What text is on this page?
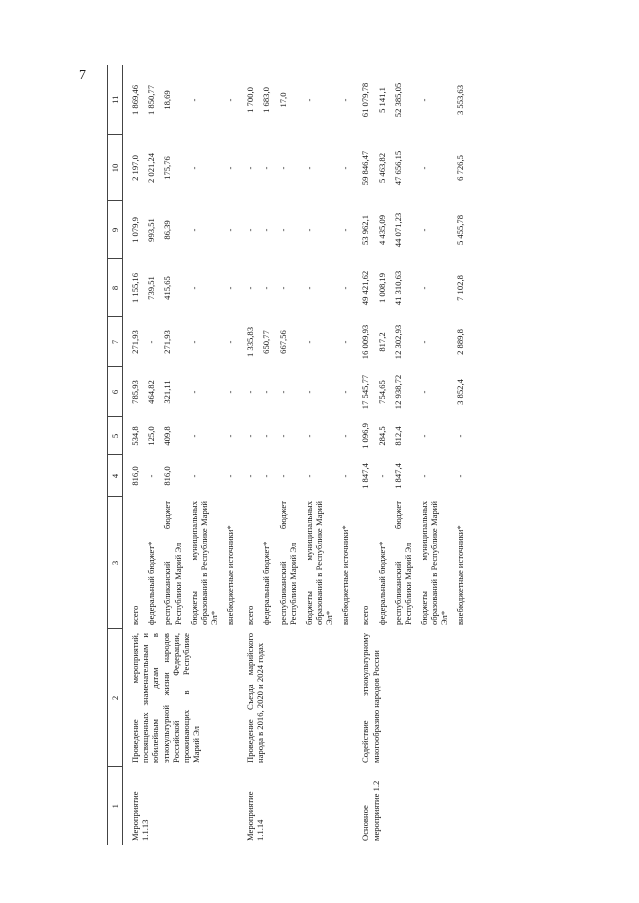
7
1	2	3	4	5	6	7	8	9	10	11

Мероприятие 1.1.13	Проведение мероприятий, посвященных знаменательным и юбилейным датам в этнокультурной жизни народов Российской Федерации, проживающих в Республике Марий Эл	всего	816,0	534,8	785,93	271,93	1 155,16	1 079,9	2 197,0	1 869,46
		федеральный бюджет*	-	125,0	464,82	-	739,51	993,51	2 021,24	1 850,77
		республиканский бюджет Республики Марий Эл	816,0	409,8	321,11	271,93	415,65	86,39	175,76	18,69
		бюджеты муниципальных образований в Республике Марий Эл*	-	-	-	-	-	-	-	-
		внебюджетные источники*	-	-	-	-	-	-	-	-

Мероприятие 1.1.14	Проведение Съезда марийского народа в 2016, 2020 и 2024 годах	всего	-	-	-	1 335,83	-	-	-	1 700,0
		федеральный бюджет*	-	-	-	650,77	-	-	-	1 683,0
		республиканский бюджет Республики Марий Эл	-	-	-	667,56	-	-	-	17,0
		бюджеты муниципальных образований в Республике Марий Эл*	-	-	-	-	-	-	-	-
		внебюджетные источники*	-	-	-	-	-	-	-	-

Основное мероприятие 1.2	Содействие этнокультурному многообразию народов России	всего	1 847,4	1 096,9	17 545,77	16 009,93	49 421,62	53 962,1	59 846,47	61 079,78
		федеральный бюджет*	-	284,5	754,65	817,2	1 008,19	4 435,09	5 463,82	5 141,1
		республиканский бюджет Республики Марий Эл	1 847,4	812,4	12 938,72	12 302,93	41 310,63	44 071,23	47 656,15	52 385,05
		бюджеты муниципальных образований в Республике Марий Эл*	-	-	-	-	-	-	-	-
		внебюджетные источники*	-	-	3 852,4	2 889,8	7 102,8	5 455,78	6 726,5	3 553,63
